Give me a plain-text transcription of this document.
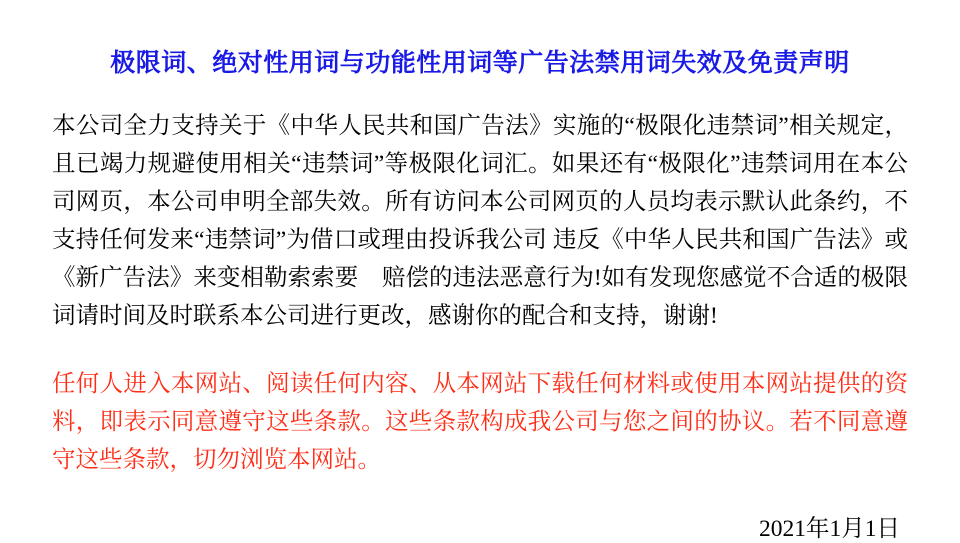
极限词、绝对性用词与功能性用词等广告法禁用词失效及免责声明

本公司全力支持关于《中华人民共和国广告法》实施的“极限化违禁词”相关规定，且已竭力规避使用相关“违禁词”等极限化词汇。如果还有“极限化”违禁词用在本公司网页，本公司申明全部失效。所有访问本公司网页的人员均表示默认此条约，不支持任何发来“违禁词”为借口或理由投诉我公司 违反《中华人民共和国广告法》或《新广告法》来变相勒索索要　赔偿的违法恶意行为!如有发现您感觉不合适的极限词请时间及时联系本公司进行更改，感谢你的配合和支持，谢谢!

任何人进入本网站、阅读任何内容、从本网站下载任何材料或使用本网站提供的资料，即表示同意遵守这些条款。这些条款构成我公司与您之间的协议。若不同意遵守这些条款，切勿浏览本网站。

2021年1月1日
